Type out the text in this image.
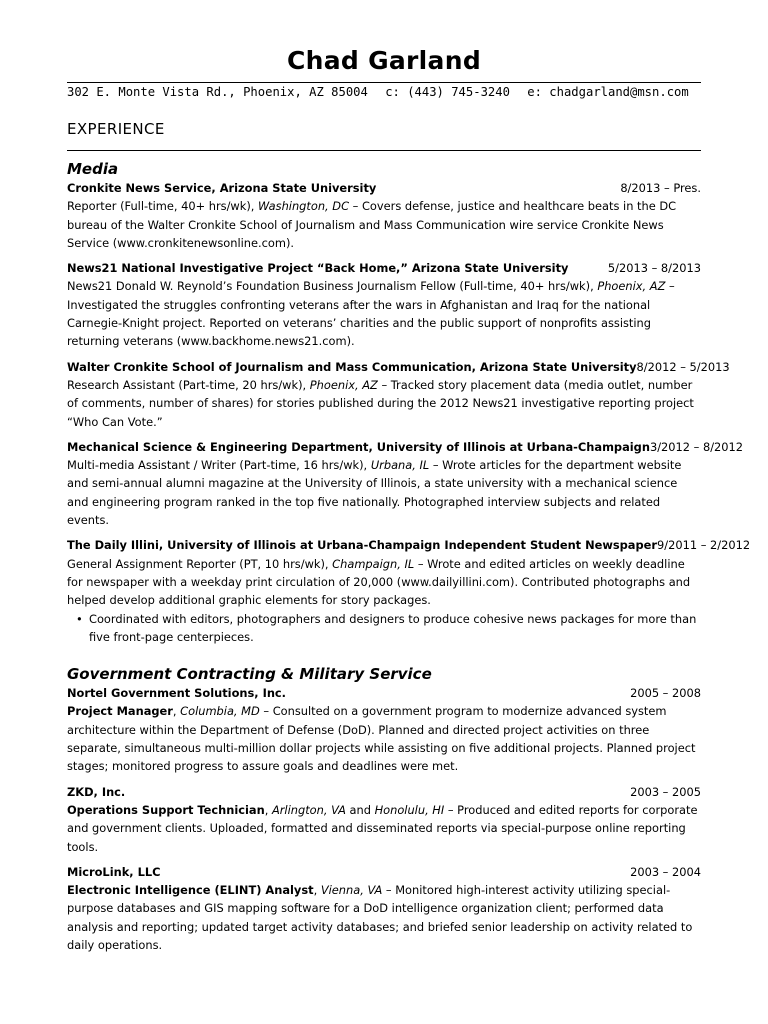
Chad Garland
302 E. Monte Vista Rd., Phoenix, AZ 85004 c: (443) 745-3240 e: chadgarland@msn.com
EXPERIENCE
Media
Cronkite News Service, Arizona State University	8/2013 – Pres.

Reporter (Full-time, 40+ hrs/wk), Washington, DC – Covers defense, justice and healthcare beats in the DC bureau of the Walter Cronkite School of Journalism and Mass Communication wire service Cronkite News Service (www.cronkitenewsonline.com).

News21 National Investigative Project “Back Home,” Arizona State University	5/2013 – 8/2013

News21 Donald W. Reynold’s Foundation Business Journalism Fellow (Full-time, 40+ hrs/wk), Phoenix, AZ – Investigated the struggles confronting veterans after the wars in Afghanistan and Iraq for the national Carnegie-Knight project. Reported on veterans’ charities and the public support of nonprofits assisting returning veterans (www.backhome.news21.com).

Walter Cronkite School of Journalism and Mass Communication, Arizona State University 8/2012 – 5/2013

Research Assistant (Part-time, 20 hrs/wk), Phoenix, AZ – Tracked story placement data (media outlet, number of comments, number of shares) for stories published during the 2012 News21 investigative reporting project “Who Can Vote.”

Mechanical Science & Engineering Department, University of Illinois at Urbana-Champaign 3/2012 – 8/2012

Multi-media Assistant / Writer (Part-time, 16 hrs/wk), Urbana, IL – Wrote articles for the department website and semi-annual alumni magazine at the University of Illinois, a state university with a mechanical science and engineering program ranked in the top five nationally. Photographed interview subjects and related events.

The Daily Illini, University of Illinois at Urbana-Champaign Independent Student Newspaper 9/2011 – 2/2012

General Assignment Reporter (PT, 10 hrs/wk), Champaign, IL – Wrote and edited articles on weekly deadline for newspaper with a weekday print circulation of 20,000 (www.dailyillini.com). Contributed photographs and helped develop additional graphic elements for story packages.

• Coordinated with editors, photographers and designers to produce cohesive news packages for more than five front-page centerpieces.
Government Contracting & Military Service
Nortel Government Solutions, Inc.	2005 – 2008

Project Manager, Columbia, MD – Consulted on a government program to modernize advanced system architecture within the Department of Defense (DoD). Planned and directed project activities on three separate, simultaneous multi-million dollar projects while assisting on five additional projects. Planned project stages; monitored progress to assure goals and deadlines were met.

ZKD, Inc.	2003 – 2005

Operations Support Technician, Arlington, VA and Honolulu, HI – Produced and edited reports for corporate and government clients. Uploaded, formatted and disseminated reports via special-purpose online reporting tools.

MicroLink, LLC	2003 – 2004

Electronic Intelligence (ELINT) Analyst, Vienna, VA – Monitored high-interest activity utilizing special-purpose databases and GIS mapping software for a DoD intelligence organization client; performed data analysis and reporting; updated target activity databases; and briefed senior leadership on activity related to daily operations.
